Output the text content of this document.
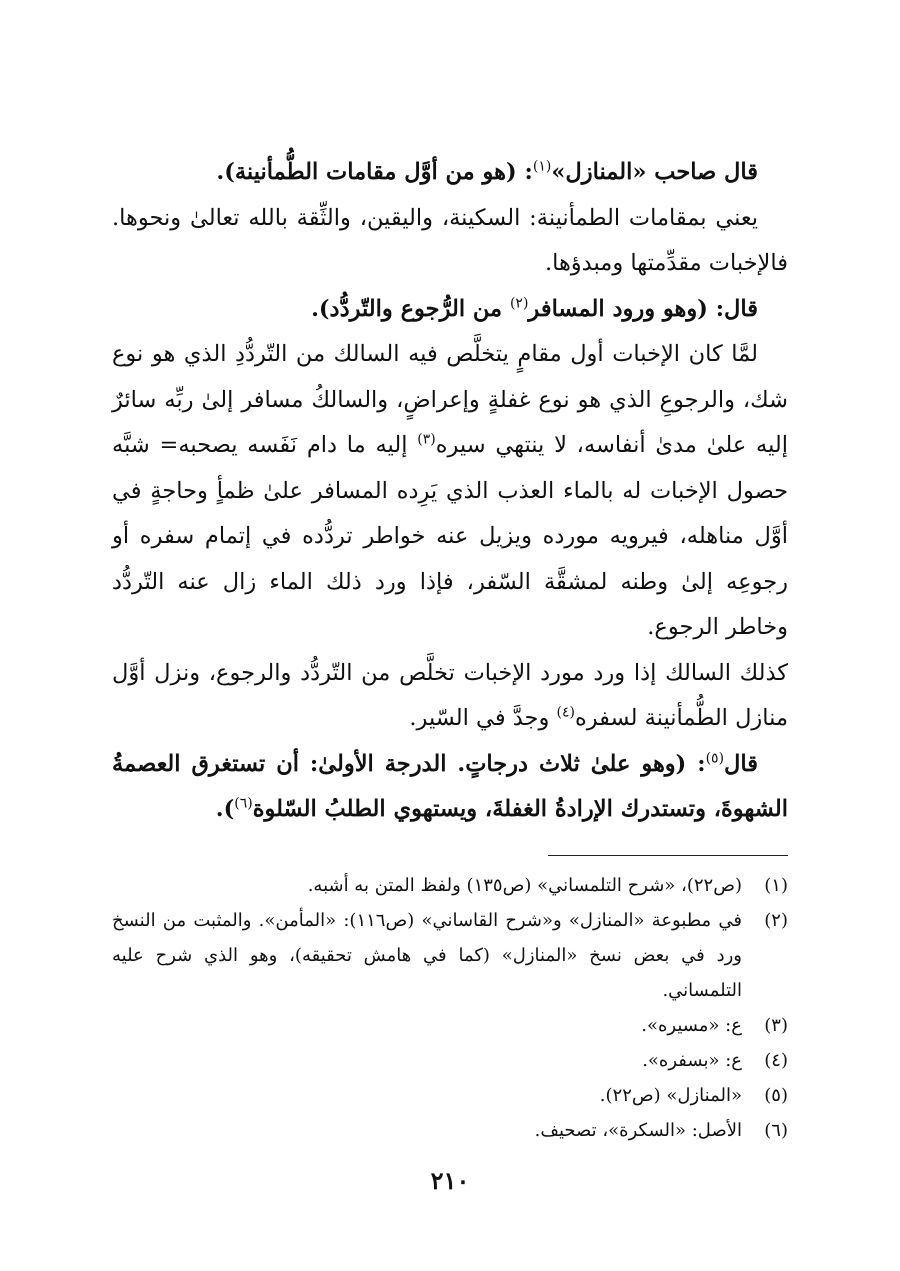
قال صاحب «المنازل»$^{(١)}$: (هو من أوَّل مقامات الطُّمأنينة).

يعني بمقامات الطمأنينة: السكينة، واليقين، والثِّقة بالله تعالىٰ ونحوها. فالإخبات مقدِّمتها ومبدؤها.

قال: (وهو ورود المسافر$^{(٢)}$ من الرُّجوع والتّردُّد).

لمَّا كان الإخبات أول مقامٍ يتخلَّص فيه السالك من التّردُّدِ الذي هو نوع شك، والرجوعِ الذي هو نوع غفلةٍ وإعراضٍ، والسالكُ مسافر إلىٰ ربِّه سائرٌ إليه علىٰ مدىٰ أنفاسه، لا ينتهي سيره$^{(٣)}$ إليه ما دام نَفَسه يصحبه= شبَّه حصول الإخبات له بالماء العذب الذي يَرِده المسافر علىٰ ظمأٍ وحاجةٍ في أوَّل مناهله، فيرويه مورده ويزيل عنه خواطر تردُّده في إتمام سفره أو رجوعِه إلىٰ وطنه لمشقَّة السّفر، فإذا ورد ذلك الماء زال عنه التّردُّد وخاطر الرجوع.

كذلك السالك إذا ورد مورد الإخبات تخلَّص من التّردُّد والرجوع، ونزل أوَّل منازل الطُّمأنينة لسفره$^{(٤)}$ وجدَّ في السّير.

قال$^{(٥)}$: (وهو علىٰ ثلاث درجاتٍ. الدرجة الأولىٰ: أن تستغرق العصمةُ الشهوةَ، وتستدرك الإرادةُ الغفلةَ، ويستهوي الطلبُ السّلوة$^{(٦)}$).

(١)
(ص٢٢)، «شرح التلمساني» (ص١٣٥) ولفظ المتن به أشبه.
(٢)
في مطبوعة «المنازل» و«شرح القاساني» (ص١١٦): «المأمن». والمثبت من النسخ ورد في بعض نسخ «المنازل» (كما في هامش تحقيقه)، وهو الذي شرح عليه التلمساني.
(٣)
ع: «مسيره».
(٤)
ع: «بسفره».
(٥)
«المنازل» (ص٢٢).
(٦)
الأصل: «السكرة»، تصحيف.
٢١٠
